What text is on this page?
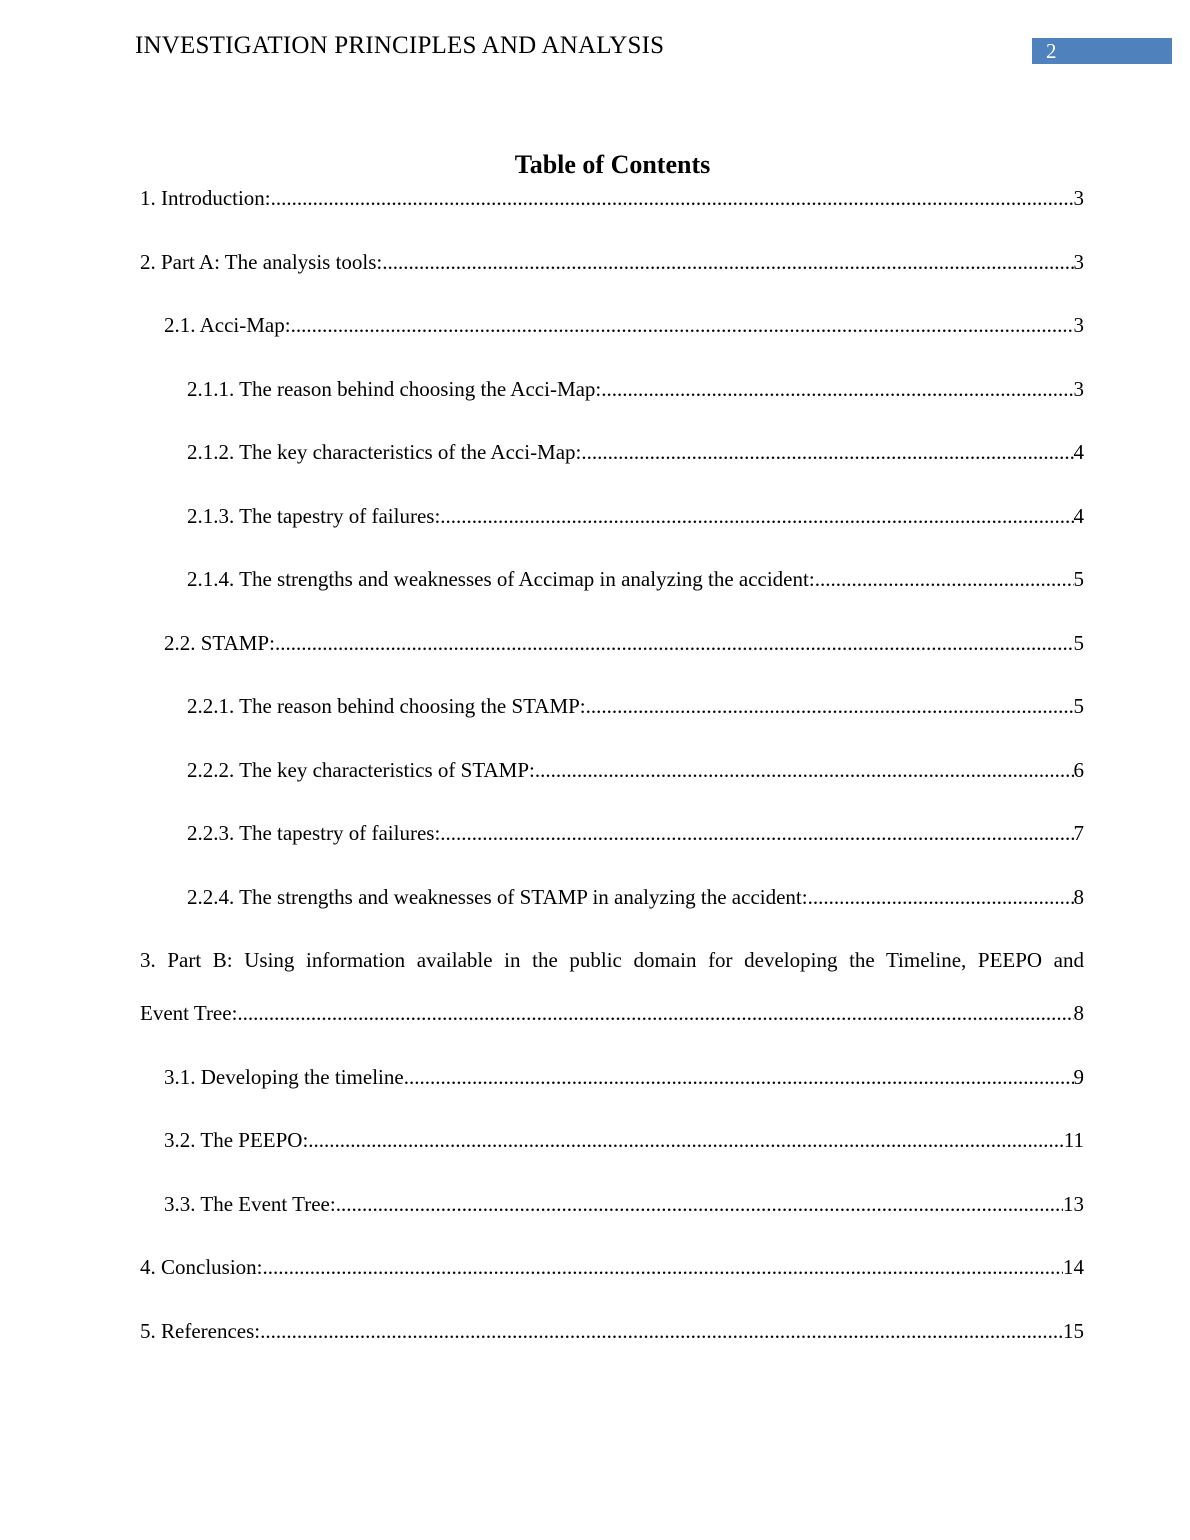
INVESTIGATION PRINCIPLES AND ANALYSIS	2
Table of Contents
1. Introduction: .....	3
2. Part A: The analysis tools: .....	3
2.1. Acci-Map: .....	3
2.1.1. The reason behind choosing the Acci-Map: .....	3
2.1.2. The key characteristics of the Acci-Map: .....	4
2.1.3. The tapestry of failures: .....	4
2.1.4. The strengths and weaknesses of Accimap in analyzing the accident: .....	5
2.2. STAMP: .....	5
2.2.1. The reason behind choosing the STAMP: .....	5
2.2.2. The key characteristics of STAMP: .....	6
2.2.3. The tapestry of failures: .....	7
2.2.4. The strengths and weaknesses of STAMP in analyzing the accident: .....	8
3. Part B: Using information available in the public domain for developing the Timeline, PEEPO and
Event Tree: .....	8
3.1. Developing the timeline .....	9
3.2. The PEEPO: .....	11
3.3. The Event Tree: .....	13
4. Conclusion: .....	14
5. References: .....	15
